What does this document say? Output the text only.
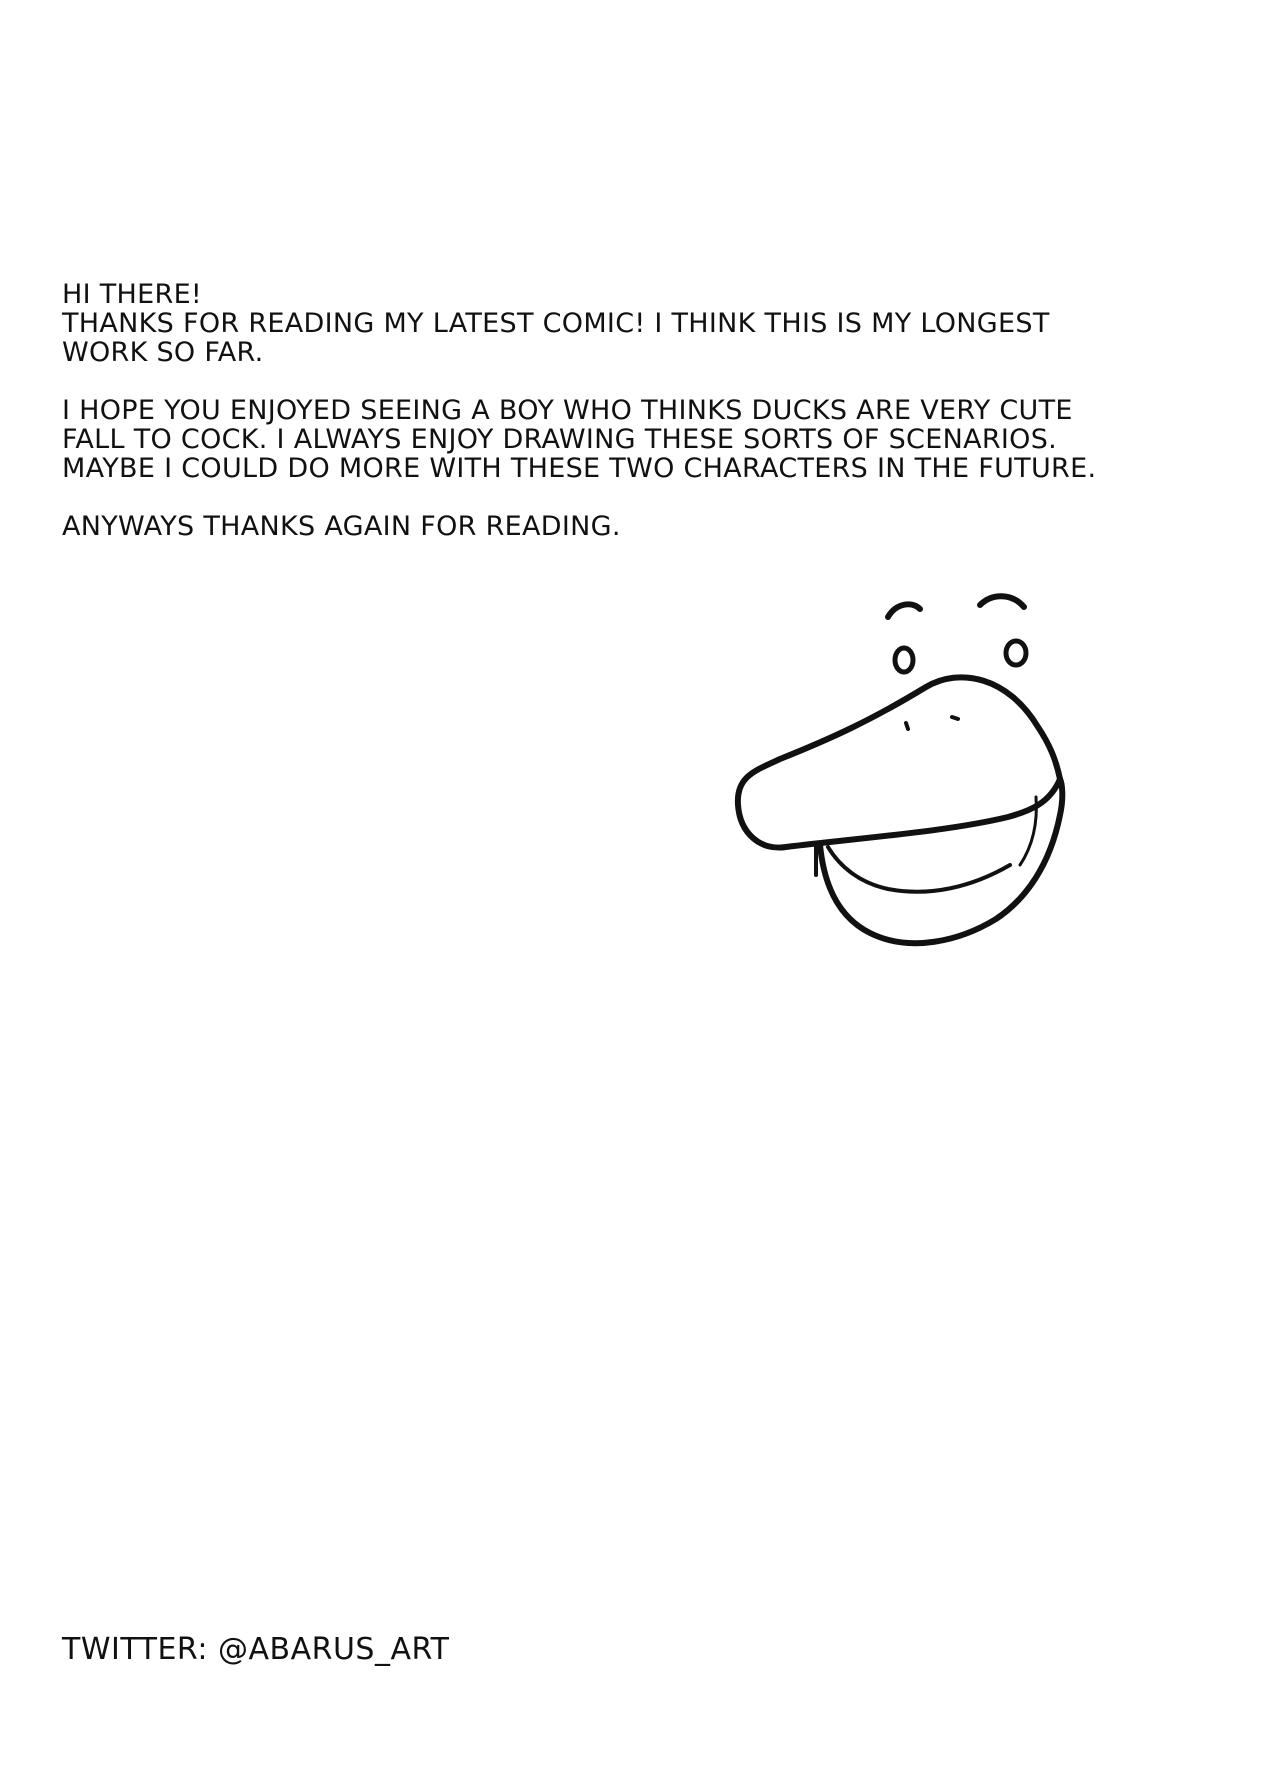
HI THERE!

THANKS FOR READING MY LATEST COMIC! I THINK THIS IS MY LONGEST
WORK SO FAR.

I HOPE YOU ENJOYED SEEING A BOY WHO THINKS DUCKS ARE VERY CUTE
FALL TO COCK. I ALWAYS ENJOY DRAWING THESE SORTS OF SCENARIOS.
MAYBE I COULD DO MORE WITH THESE TWO CHARACTERS IN THE FUTURE.

ANYWAYS THANKS AGAIN FOR READING.

TWITTER: @ABARUS_ART
